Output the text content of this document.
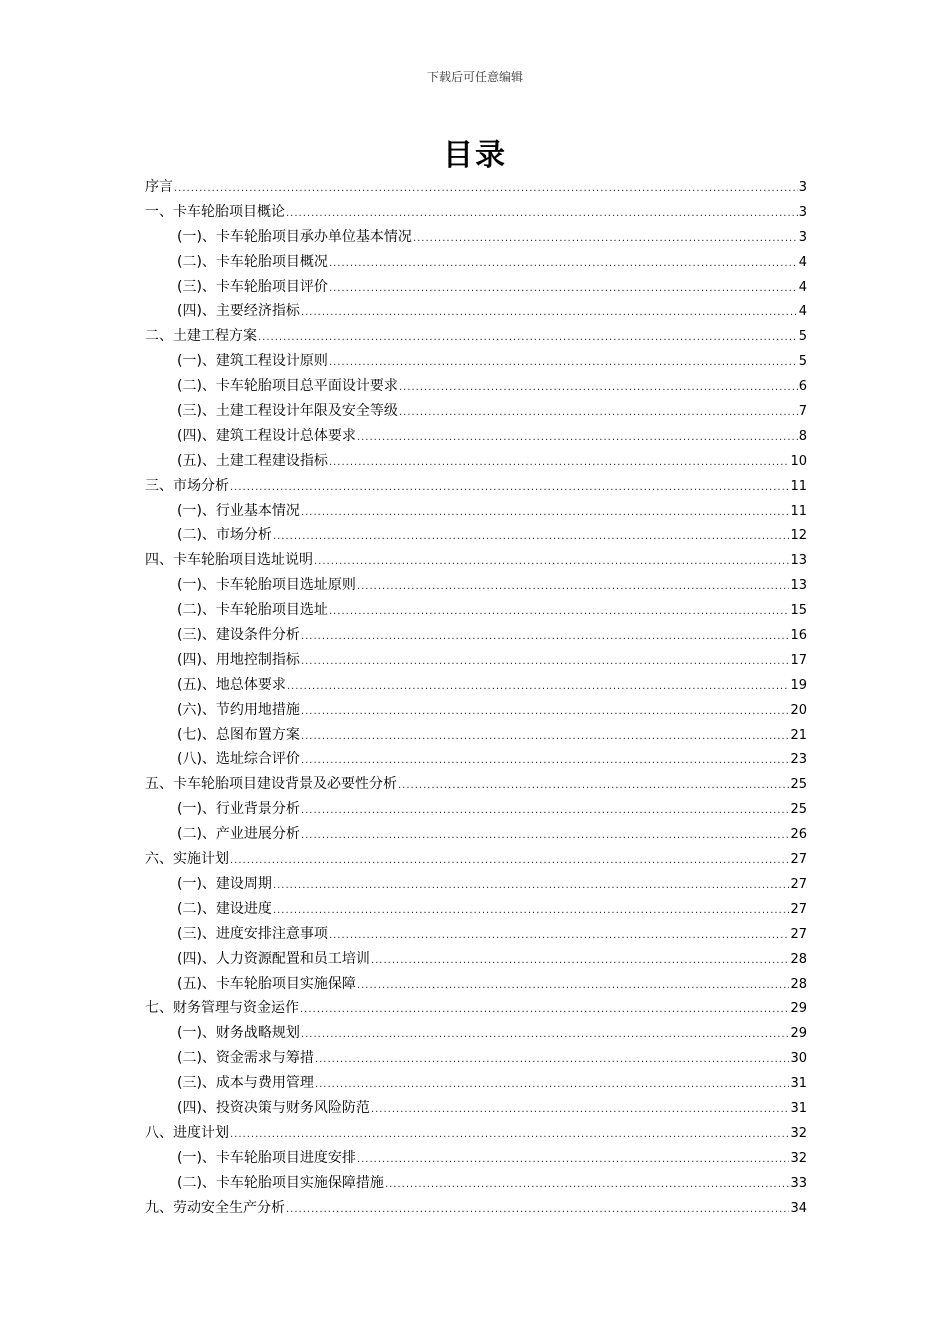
下载后可任意编辑
目录
序言 .....	3
一、卡车轮胎项目概论 .....	3
(一)、卡车轮胎项目承办单位基本情况 .....	3
(二)、卡车轮胎项目概况 .....	4
(三)、卡车轮胎项目评价 .....	4
(四)、主要经济指标 .....	4
二、土建工程方案 .....	5
(一)、建筑工程设计原则 .....	5
(二)、卡车轮胎项目总平面设计要求 .....	6
(三)、土建工程设计年限及安全等级 .....	7
(四)、建筑工程设计总体要求 .....	8
(五)、土建工程建设指标 .....	10
三、市场分析 .....	11
(一)、行业基本情况 .....	11
(二)、市场分析 .....	12
四、卡车轮胎项目选址说明 .....	13
(一)、卡车轮胎项目选址原则 .....	13
(二)、卡车轮胎项目选址 .....	15
(三)、建设条件分析 .....	16
(四)、用地控制指标 .....	17
(五)、地总体要求 .....	19
(六)、节约用地措施 .....	20
(七)、总图布置方案 .....	21
(八)、选址综合评价 .....	23
五、卡车轮胎项目建设背景及必要性分析 .....	25
(一)、行业背景分析 .....	25
(二)、产业进展分析 .....	26
六、实施计划 .....	27
(一)、建设周期 .....	27
(二)、建设进度 .....	27
(三)、进度安排注意事项 .....	27
(四)、人力资源配置和员工培训 .....	28
(五)、卡车轮胎项目实施保障 .....	28
七、财务管理与资金运作 .....	29
(一)、财务战略规划 .....	29
(二)、资金需求与筹措 .....	30
(三)、成本与费用管理 .....	31
(四)、投资决策与财务风险防范 .....	31
八、进度计划 .....	32
(一)、卡车轮胎项目进度安排 .....	32
(二)、卡车轮胎项目实施保障措施 .....	33
九、劳动安全生产分析 .....	34
